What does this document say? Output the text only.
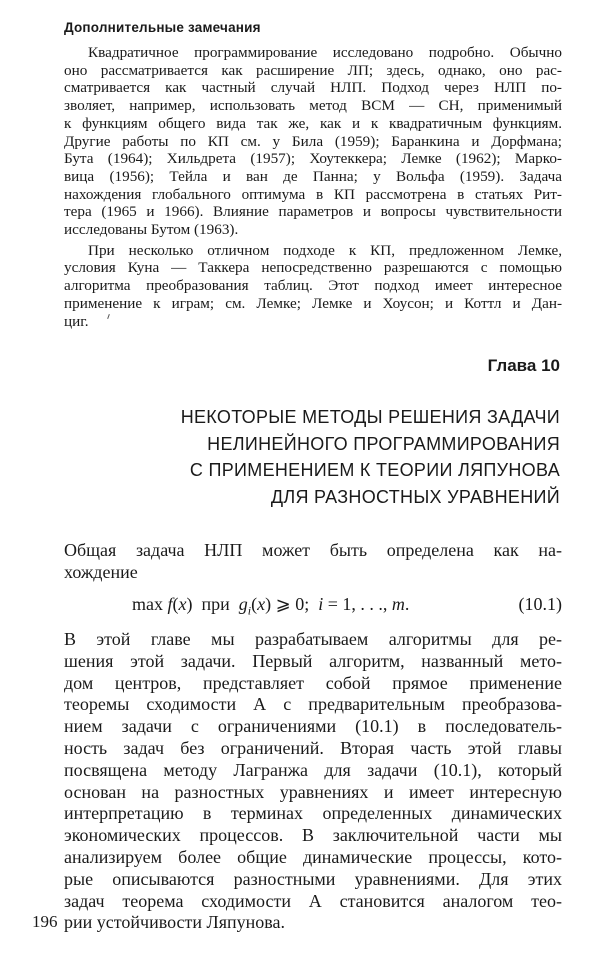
Дополнительные замечания
Квадратичное программирование исследовано подробно. Обычно
оно рассматривается как расширение ЛП; здесь, однако, оно рас-
сматривается как частный случай НЛП. Подход через НЛП по-
зволяет, например, использовать метод ВСМ — СН, применимый
к функциям общего вида так же, как и к квадратичным функциям.
Другие работы по КП см. у Била (1959); Баранкина и Дорфмана;
Бута (1964); Хильдрета (1957); Хоутеккера; Лемке (1962); Марко-
вица (1956); Тейла и ван де Панна; у Вольфа (1959). Задача
нахождения глобального оптимума в КП рассмотрена в статьях Рит-
тера (1965 и 1966). Влияние параметров и вопросы чувствительности
исследованы Бутом (1963).
При несколько отличном подходе к КП, предложенном Лемке,
условия Куна — Таккера непосредственно разрешаются с помощью
алгоритма преобразования таблиц. Этот подход имеет интересное
применение к играм; см. Лемке; Лемке и Хоусон; и Коттл и Дан-
циг.
Глава 10
НЕКОТОРЫЕ МЕТОДЫ РЕШЕНИЯ ЗАДАЧИ
НЕЛИНЕЙНОГО ПРОГРАММИРОВАНИЯ
С ПРИМЕНЕНИЕМ К ТЕОРИИ ЛЯПУНОВА
ДЛЯ РАЗНОСТНЫХ УРАВНЕНИЙ
Общая задача НЛП может быть определена как на-
хождение
max f(x)  при  $g_i(x)$ ⩾ 0;  i = 1, . . ., m.	(10.1)
В этой главе мы разрабатываем алгоритмы для ре-
шения этой задачи. Первый алгоритм, названный мето-
дом центров, представляет собой прямое применение
теоремы сходимости А с предварительным преобразова-
нием задачи с ограничениями (10.1) в последователь-
ность задач без ограничений. Вторая часть этой главы
посвящена методу Лагранжа для задачи (10.1), который
основан на разностных уравнениях и имеет интересную
интерпретацию в терминах определенных динамических
экономических процессов. В заключительной части мы
анализируем более общие динамические процессы, кото-
рые описываются разностными уравнениями. Для этих
задач теорема сходимости А становится аналогом тео-
рии устойчивости Ляпунова.
196
